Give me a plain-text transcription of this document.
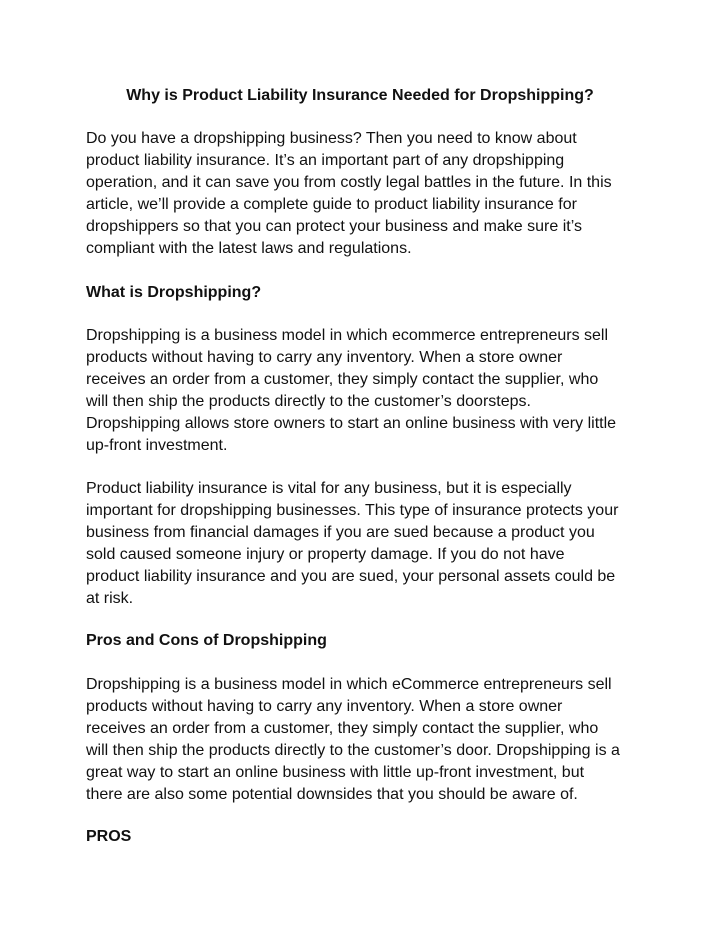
Why is Product Liability Insurance Needed for Dropshipping?

Do you have a dropshipping business? Then you need to know about

product liability insurance. It’s an important part of any dropshipping

operation, and it can save you from costly legal battles in the future. In this

article, we’ll provide a complete guide to product liability insurance for

dropshippers so that you can protect your business and make sure it’s

compliant with the latest laws and regulations.

What is Dropshipping?

Dropshipping is a business model in which ecommerce entrepreneurs sell

products without having to carry any inventory. When a store owner

receives an order from a customer, they simply contact the supplier, who

will then ship the products directly to the customer’s doorsteps.

Dropshipping allows store owners to start an online business with very little

up-front investment.

Product liability insurance is vital for any business, but it is especially

important for dropshipping businesses. This type of insurance protects your

business from financial damages if you are sued because a product you

sold caused someone injury or property damage. If you do not have

product liability insurance and you are sued, your personal assets could be

at risk.

Pros and Cons of Dropshipping

Dropshipping is a business model in which eCommerce entrepreneurs sell

products without having to carry any inventory. When a store owner

receives an order from a customer, they simply contact the supplier, who

will then ship the products directly to the customer’s door. Dropshipping is a

great way to start an online business with little up-front investment, but

there are also some potential downsides that you should be aware of.

PROS
